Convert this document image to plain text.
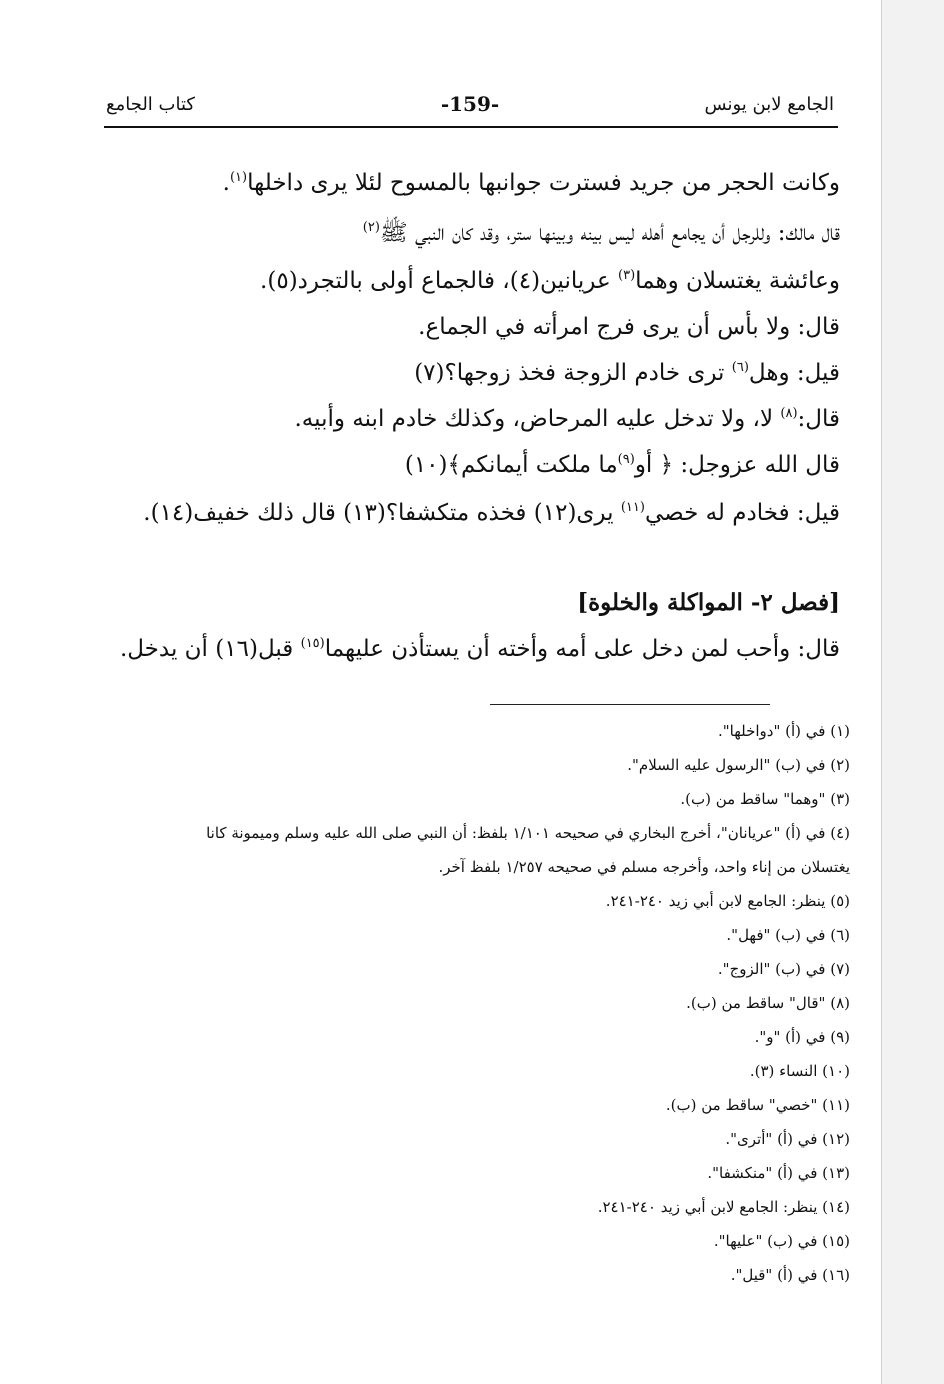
الجامع لابن يونس
-159-
كتاب الجامع
وكانت الحجر من جريد فسترت جوانبها بالمسوح لئلا يرى داخلها$^{(١)}$.
قال مالك: وللرجل أن يجامع أهله ليس بينه وبينها ستر، وقد كان النبي ﷺ$^{(٢)}$
وعائشة يغتسلان وهما$^{(٣)}$ عريانين(٤)، فالجماع أولى بالتجرد(٥).
قال: ولا بأس أن يرى فرج امرأته في الجماع.
قيل: وهل$^{(٦)}$ ترى خادم الزوجة فخذ زوجها؟(٧)
قال:$^{(٨)}$ لا، ولا تدخل عليه المرحاض، وكذلك خادم ابنه وأبيه.
قال الله عزوجل: ﴿ أو$^{(٩)}$ما ملكت أيمانكم﴾(١٠)
قيل: فخادم له خصي$^{(١١)}$ يرى(١٢) فخذه متكشفا؟(١٣) قال ذلك خفيف(١٤).
[فصل ٢- المواكلة والخلوة]
قال: وأحب لمن دخل على أمه وأخته أن يستأذن عليهما$^{(١٥)}$ قبل(١٦) أن يدخل.
(١) في (أ) "دواخلها".
(٢) في (ب) "الرسول عليه السلام".
(٣) "وهما" ساقط من (ب).
(٤) في (أ) "عريانان"، أخرج البخاري في صحيحه ١/١٠١ بلفظ: أن النبي صلى الله عليه وسلم وميمونة كانا
يغتسلان من إناء واحد، وأخرجه مسلم في صحيحه ١/٢٥٧ بلفظ آخر.
(٥) ينظر: الجامع لابن أبي زيد ٢٤٠-٢٤١.
(٦) في (ب) "فهل".
(٧) في (ب) "الزوج".
(٨) "قال" ساقط من (ب).
(٩) في (أ) "و".
(١٠) النساء (٣).
(١١) "خصي" ساقط من (ب).
(١٢) في (أ) "أترى".
(١٣) في (أ) "منكشفا".
(١٤) ينظر: الجامع لابن أبي زيد ٢٤٠-٢٤١.
(١٥) في (ب) "عليها".
(١٦) في (أ) "قيل".
